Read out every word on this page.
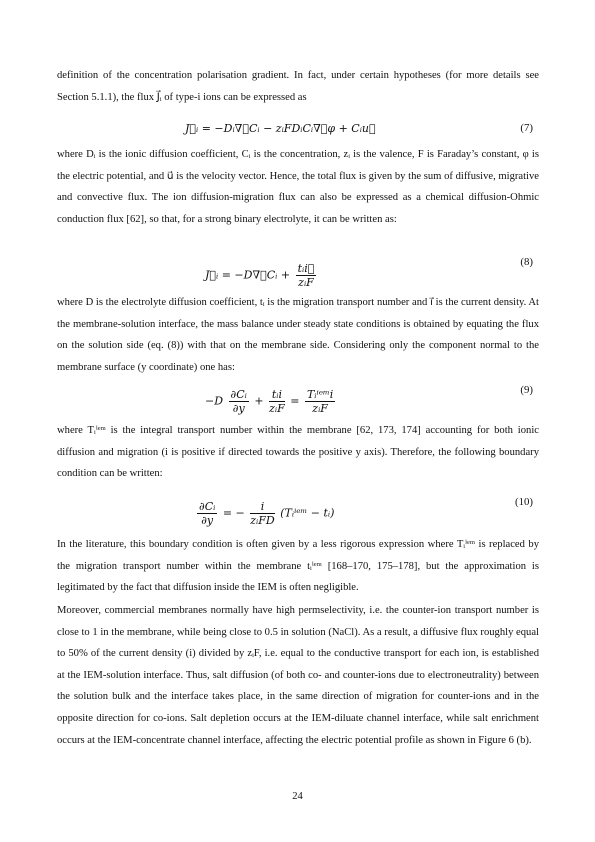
definition of the concentration polarisation gradient. In fact, under certain hypotheses (for more details see Section 5.1.1), the flux J⃗ᵢ of type-i ions can be expressed as

J⃗ᵢ = −Dᵢ∇⃗Cᵢ − zᵢFDᵢCᵢ∇⃗φ + Cᵢu⃗	(7)

where Dᵢ is the ionic diffusion coefficient, Cᵢ is the concentration, zᵢ is the valence, F is Faraday’s constant, φ is the electric potential, and u⃗ is the velocity vector. Hence, the total flux is given by the sum of diffusive, migrative and convective flux. The ion diffusion-migration flux can also be expressed as a chemical diffusion-Ohmic conduction flux [62], so that, for a strong binary electrolyte, it can be written as:

J⃗ᵢ = −D∇⃗Cᵢ + $\frac{\text{tᵢi⃗}}{\text{zᵢF}}$	(8)

where D is the electrolyte diffusion coefficient, tᵢ is the migration transport number and i⃗ is the current density. At the membrane-solution interface, the mass balance under steady state conditions is obtained by equating the flux on the solution side (eq. (8)) with that on the membrane side. Considering only the component normal to the membrane surface (y coordinate) one has:

$-D \frac{\text{∂Cᵢ}}{\partial y} + \frac{\text{tᵢi}}{\text{zᵢF}} = \frac{\text{Tᵢⁱᵉᵐi}}{\text{zᵢF}}$	(9)

where Tᵢⁱᵉᵐ is the integral transport number within the membrane [62, 173, 174] accounting for both ionic diffusion and migration (i is positive if directed towards the positive y axis). Therefore, the following boundary condition can be written:

$\frac{\text{∂Cᵢ}}{\partial y}$ = − $\frac{i}{\text{zᵢFD}}$ (Tᵢⁱᵉᵐ − tᵢ)
(10)

In the literature, this boundary condition is often given by a less rigorous expression where Tᵢⁱᵉᵐ is replaced by the migration transport number within the membrane tᵢⁱᵉᵐ [168–170, 175–178], but the approximation is legitimated by the fact that diffusion inside the IEM is often negligible.

Moreover, commercial membranes normally have high permselectivity, i.e. the counter-ion transport number is close to 1 in the membrane, while being close to 0.5 in solution (NaCl). As a result, a diffusive flux roughly equal to 50% of the current density (i) divided by zᵢF, i.e. equal to the conductive transport for each ion, is established at the IEM-solution interface. Thus, salt diffusion (of both co- and counter-ions due to electroneutrality) between the solution bulk and the interface takes place, in the same direction of migration for counter-ions and in the opposite direction for co-ions. Salt depletion occurs at the IEM-diluate channel interface, while salt enrichment occurs at the IEM-concentrate channel interface, affecting the electric potential profile as shown in Figure 6 (b).

24
